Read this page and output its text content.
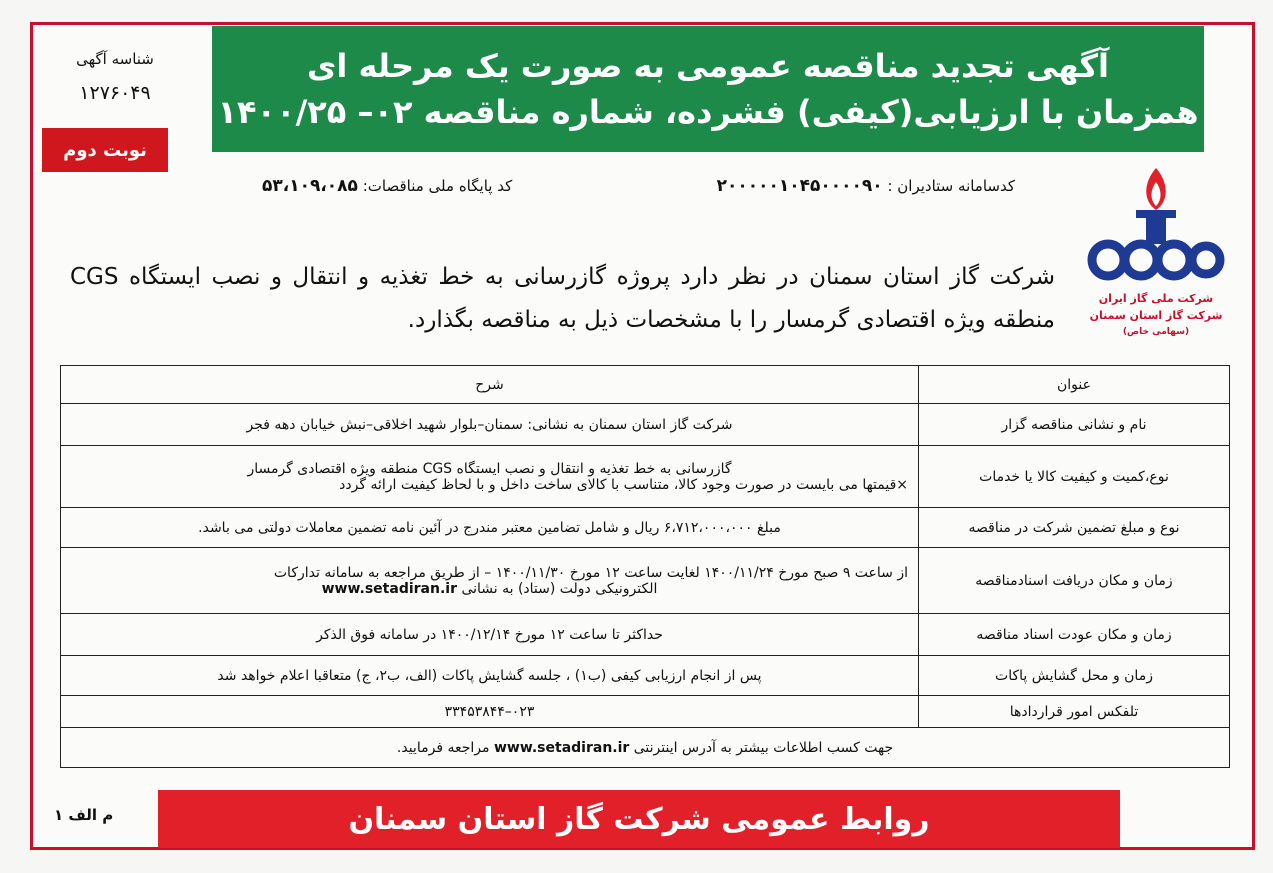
آگهی تجدید مناقصه عمومی به صورت یک مرحله ای
همزمان با ارزیابی(کیفی) فشرده، شماره مناقصه ۰۲– ۱۴۰۰/۲۵
شناسه آگهی
۱۲۷۶۰۴۹
نوبت دوم
کدسامانه ستادیران : ۲۰۰۰۰۰۱۰۴۵۰۰۰۰۹۰
کد پایگاه ملی مناقصات: ۵۳،۱۰۹،۰۸۵
شرکت ملی گاز ایران
شرکت گاز استان سمنان
(سهامی خاص)
شرکت گاز استان سمنان در نظر دارد پروژه گازرسانی به خط تغذیه و انتقال و نصب ایستگاه CGS منطقه ویژه اقتصادی گرمسار را با مشخصات ذیل به مناقصه بگذارد.
عنوان	شرح
نام و نشانی مناقصه گزار	شرکت گاز استان سمنان به نشانی: سمنان–بلوار شهید اخلاقی–نبش خیابان دهه فجر
نوع،کمیت و کیفیت کالا یا خدمات	گازرسانی به خط تغذیه و انتقال و نصب ایستگاه CGS منطقه ویژه اقتصادی گرمسار
×قیمتها می بایست در صورت وجود کالا، متناسب با کالای ساخت داخل و با لحاظ کیفیت ارائه گردد

نوع و مبلغ تضمین شرکت در مناقصه	مبلغ ۶،۷۱۲،۰۰۰،۰۰۰ ریال و شامل تضامین معتبر مندرج در آئین نامه تضمین معاملات دولتی می باشد.
زمان و مکان دریافت اسنادمناقصه	از ساعت ۹ صبح مورخ ۱۴۰۰/۱۱/۲۴ لغایت ساعت ۱۲ مورخ ۱۴۰۰/۱۱/۳۰ – از طریق مراجعه به سامانه تدارکات
الکترونیکی دولت (ستاد) به نشانی www.setadiran.ir

زمان و مکان عودت اسناد مناقصه	حداکثر تا ساعت ۱۲ مورخ ۱۴۰۰/۱۲/۱۴ در سامانه فوق الذکر
زمان و محل گشایش پاکات	پس از انجام ارزیابی کیفی (ب۱) ، جلسه گشایش پاکات (الف، ب۲، ج) متعاقبا اعلام خواهد شد
تلفکس امور قراردادها	۰۲۳–۳۳۴۵۳۸۴۴
جهت کسب اطلاعات بیشتر به آدرس اینترنتی www.setadiran.ir مراجعه فرمایید.	
م الف ۱	روابط عمومی شرکت گاز استان سمنان
